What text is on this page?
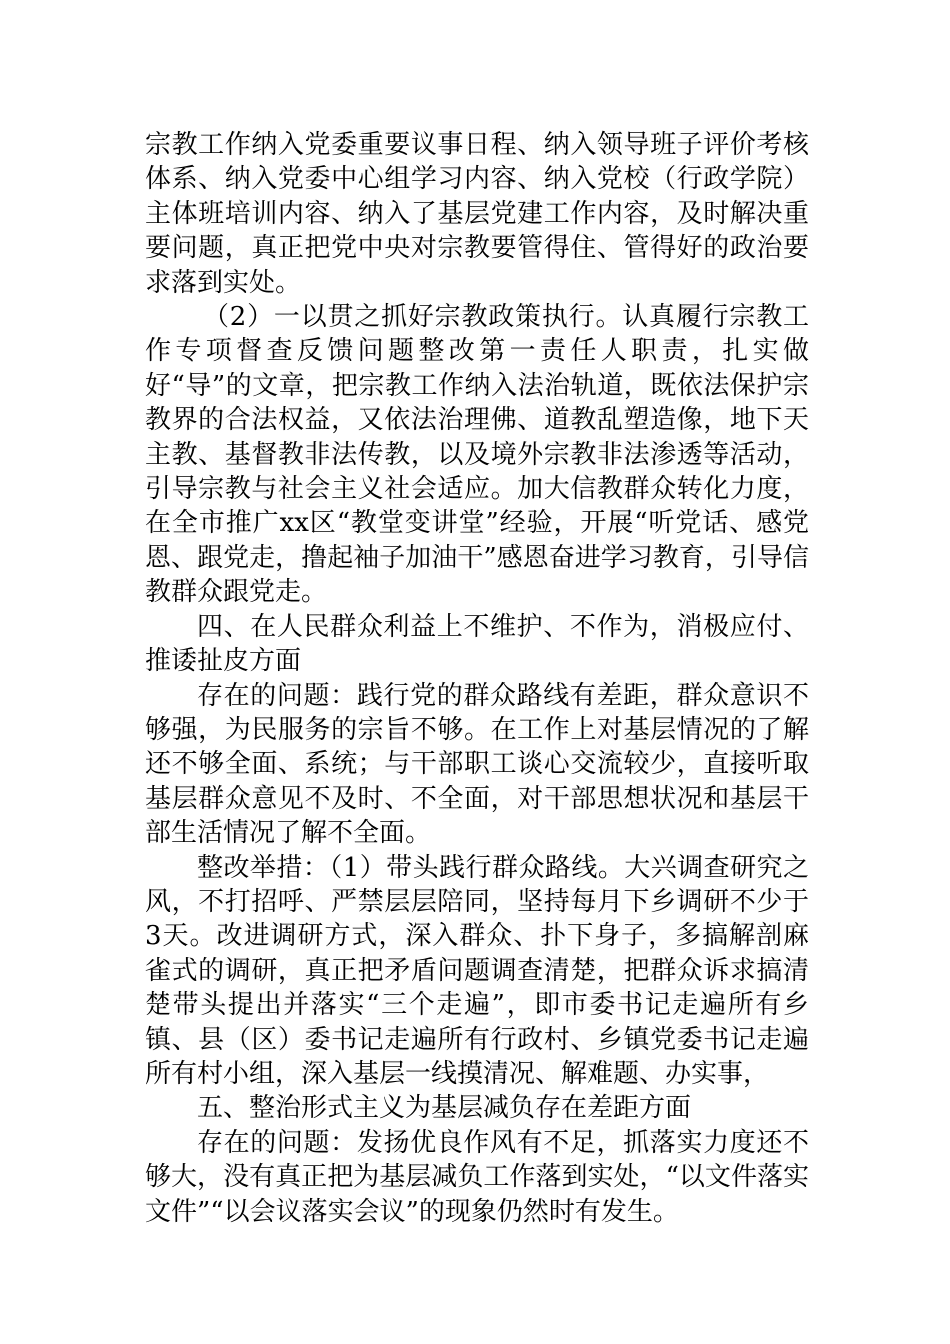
宗教工作纳入党委重要议事日程、纳入领导班子评价考核体系、纳入党委中心组学习内容、纳入党校（行政学院）主体班培训内容、纳入了基层党建工作内容，及时解决重要问题，真正把党中央对宗教要管得住、管得好的政治要求落到实处。

（2）一以贯之抓好宗教政策执行。认真履行宗教工作专项督查反馈问题整改第一责任人职责，扎实做好“导”的文章，把宗教工作纳入法治轨道，既依法保护宗教界的合法权益，又依法治理佛、道教乱塑造像，地下天主教、基督教非法传教，以及境外宗教非法渗透等活动，引导宗教与社会主义社会适应。加大信教群众转化力度，在全市推广xx区“教堂变讲堂”经验，开展“听党话、感党恩、跟党走，撸起袖子加油干”感恩奋进学习教育，引导信教群众跟党走。

四、在人民群众利益上不维护、不作为，消极应付、推诿扯皮方面

存在的问题：践行党的群众路线有差距，群众意识不够强，为民服务的宗旨不够。在工作上对基层情况的了解还不够全面、系统；与干部职工谈心交流较少，直接听取基层群众意见不及时、不全面，对干部思想状况和基层干部生活情况了解不全面。

整改举措：（1）带头践行群众路线。大兴调查研究之风，不打招呼、严禁层层陪同，坚持每月下乡调研不少于3天。改进调研方式，深入群众、扑下身子，多搞解剖麻雀式的调研，真正把矛盾问题调查清楚，把群众诉求搞清楚带头提出并落实“三个走遍”，即市委书记走遍所有乡镇、县（区）委书记走遍所有行政村、乡镇党委书记走遍所有村小组，深入基层一线摸清况、解难题、办实事，

五、整治形式主义为基层减负存在差距方面

存在的问题：发扬优良作风有不足，抓落实力度还不够大，没有真正把为基层减负工作落到实处，“以文件落实文件”“以会议落实会议”的现象仍然时有发生。
